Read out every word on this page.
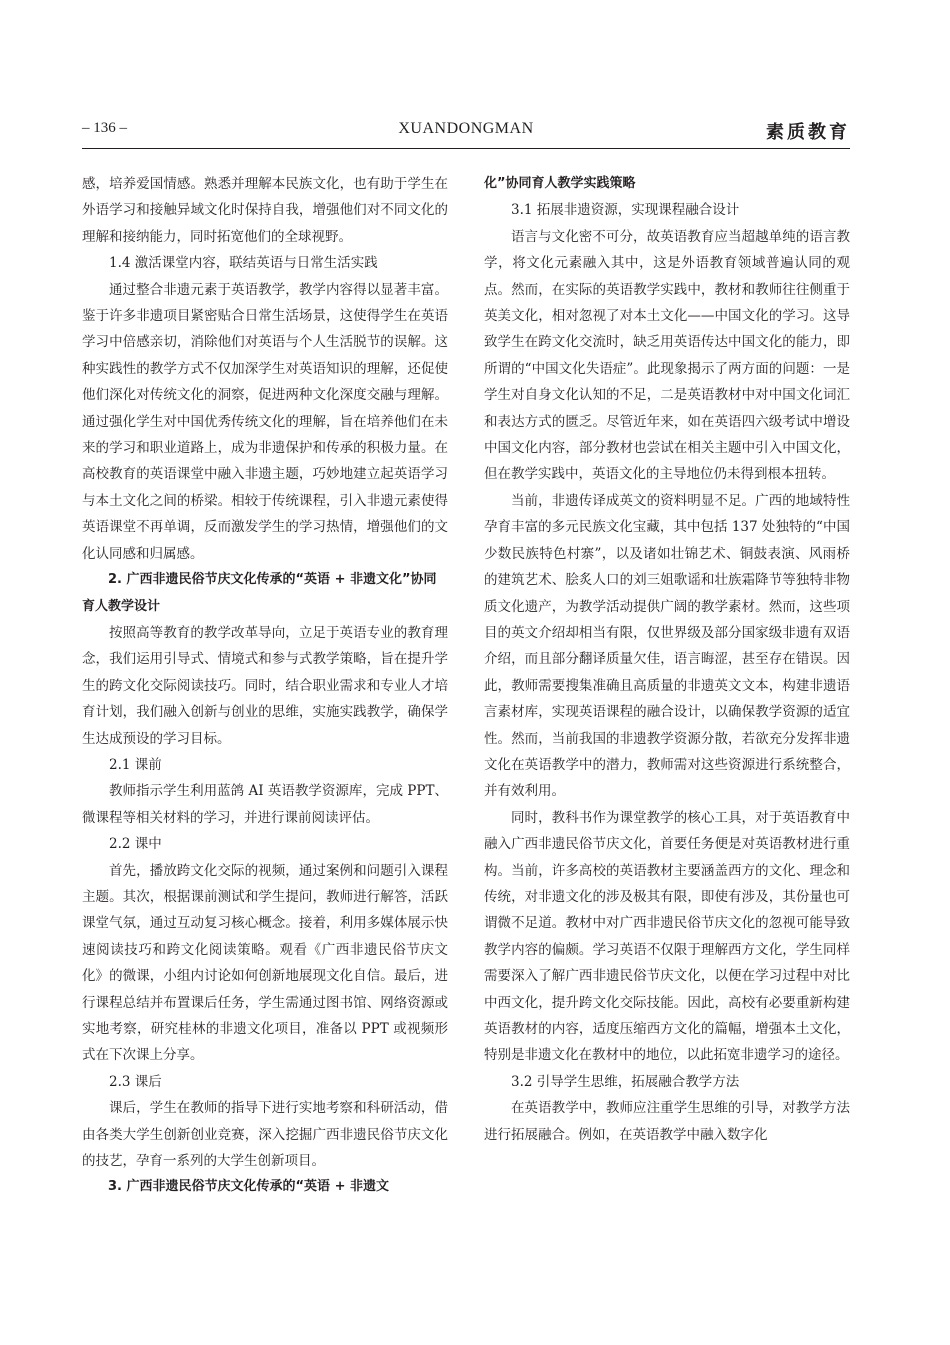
– 136 –	XUANDONGMAN	素质教育

感，培养爱国情感。熟悉并理解本民族文化，也有助于学生在外语学习和接触异域文化时保持自我，增强他们对不同文化的理解和接纳能力，同时拓宽他们的全球视野。

1.4 激活课堂内容，联结英语与日常生活实践

通过整合非遗元素于英语教学，教学内容得以显著丰富。鉴于许多非遗项目紧密贴合日常生活场景，这使得学生在英语学习中倍感亲切，消除他们对英语与个人生活脱节的误解。这种实践性的教学方式不仅加深学生对英语知识的理解，还促使他们深化对传统文化的洞察，促进两种文化深度交融与理解。通过强化学生对中国优秀传统文化的理解，旨在培养他们在未来的学习和职业道路上，成为非遗保护和传承的积极力量。在高校教育的英语课堂中融入非遗主题，巧妙地建立起英语学习与本土文化之间的桥梁。相较于传统课程，引入非遗元素使得英语课堂不再单调，反而激发学生的学习热情，增强他们的文化认同感和归属感。

2. 广西非遗民俗节庆文化传承的“英语 + 非遗文化”协同育人教学设计

按照高等教育的教学改革导向，立足于英语专业的教育理念，我们运用引导式、情境式和参与式教学策略，旨在提升学生的跨文化交际阅读技巧。同时，结合职业需求和专业人才培育计划，我们融入创新与创业的思维，实施实践教学，确保学生达成预设的学习目标。

2.1 课前

教师指示学生利用蓝鸽 AI 英语教学资源库，完成 PPT、微课程等相关材料的学习，并进行课前阅读评估。

2.2 课中

首先，播放跨文化交际的视频，通过案例和问题引入课程主题。其次，根据课前测试和学生提问，教师进行解答，活跃课堂气氛，通过互动复习核心概念。接着，利用多媒体展示快速阅读技巧和跨文化阅读策略。观看《广西非遗民俗节庆文化》的微课，小组内讨论如何创新地展现文化自信。最后，进行课程总结并布置课后任务，学生需通过图书馆、网络资源或实地考察，研究桂林的非遗文化项目，准备以 PPT 或视频形式在下次课上分享。

2.3 课后

课后，学生在教师的指导下进行实地考察和科研活动，借由各类大学生创新创业竞赛，深入挖掘广西非遗民俗节庆文化的技艺，孕育一系列的大学生创新项目。

3. 广西非遗民俗节庆文化传承的“英语 + 非遗文
化”协同育人教学实践策略
3.1 拓展非遗资源，实现课程融合设计

语言与文化密不可分，故英语教育应当超越单纯的语言教学，将文化元素融入其中，这是外语教育领域普遍认同的观点。然而，在实际的英语教学实践中，教材和教师往往侧重于英美文化，相对忽视了对本土文化——中国文化的学习。这导致学生在跨文化交流时，缺乏用英语传达中国文化的能力，即所谓的“中国文化失语症”。此现象揭示了两方面的问题：一是学生对自身文化认知的不足，二是英语教材中对中国文化词汇和表达方式的匮乏。尽管近年来，如在英语四六级考试中增设中国文化内容，部分教材也尝试在相关主题中引入中国文化，但在教学实践中，英语文化的主导地位仍未得到根本扭转。

当前，非遗传译成英文的资料明显不足。广西的地域特性孕育丰富的多元民族文化宝藏，其中包括 137 处独特的“中国少数民族特色村寨”，以及诸如壮锦艺术、铜鼓表演、风雨桥的建筑艺术、脍炙人口的刘三姐歌谣和壮族霜降节等独特非物质文化遗产，为教学活动提供广阔的教学素材。然而，这些项目的英文介绍却相当有限，仅世界级及部分国家级非遗有双语介绍，而且部分翻译质量欠佳，语言晦涩，甚至存在错误。因此，教师需要搜集准确且高质量的非遗英文文本，构建非遗语言素材库，实现英语课程的融合设计，以确保教学资源的适宜性。然而，当前我国的非遗教学资源分散，若欲充分发挥非遗文化在英语教学中的潜力，教师需对这些资源进行系统整合，并有效利用。

同时，教科书作为课堂教学的核心工具，对于英语教育中融入广西非遗民俗节庆文化，首要任务便是对英语教材进行重构。当前，许多高校的英语教材主要涵盖西方的文化、理念和传统，对非遗文化的涉及极其有限，即使有涉及，其份量也可谓微不足道。教材中对广西非遗民俗节庆文化的忽视可能导致教学内容的偏颇。学习英语不仅限于理解西方文化，学生同样需要深入了解广西非遗民俗节庆文化，以便在学习过程中对比中西文化，提升跨文化交际技能。因此，高校有必要重新构建英语教材的内容，适度压缩西方文化的篇幅，增强本土文化，特别是非遗文化在教材中的地位，以此拓宽非遗学习的途径。

3.2 引导学生思维，拓展融合教学方法

在英语教学中，教师应注重学生思维的引导，对教学方法进行拓展融合。例如，在英语教学中融入数字化
